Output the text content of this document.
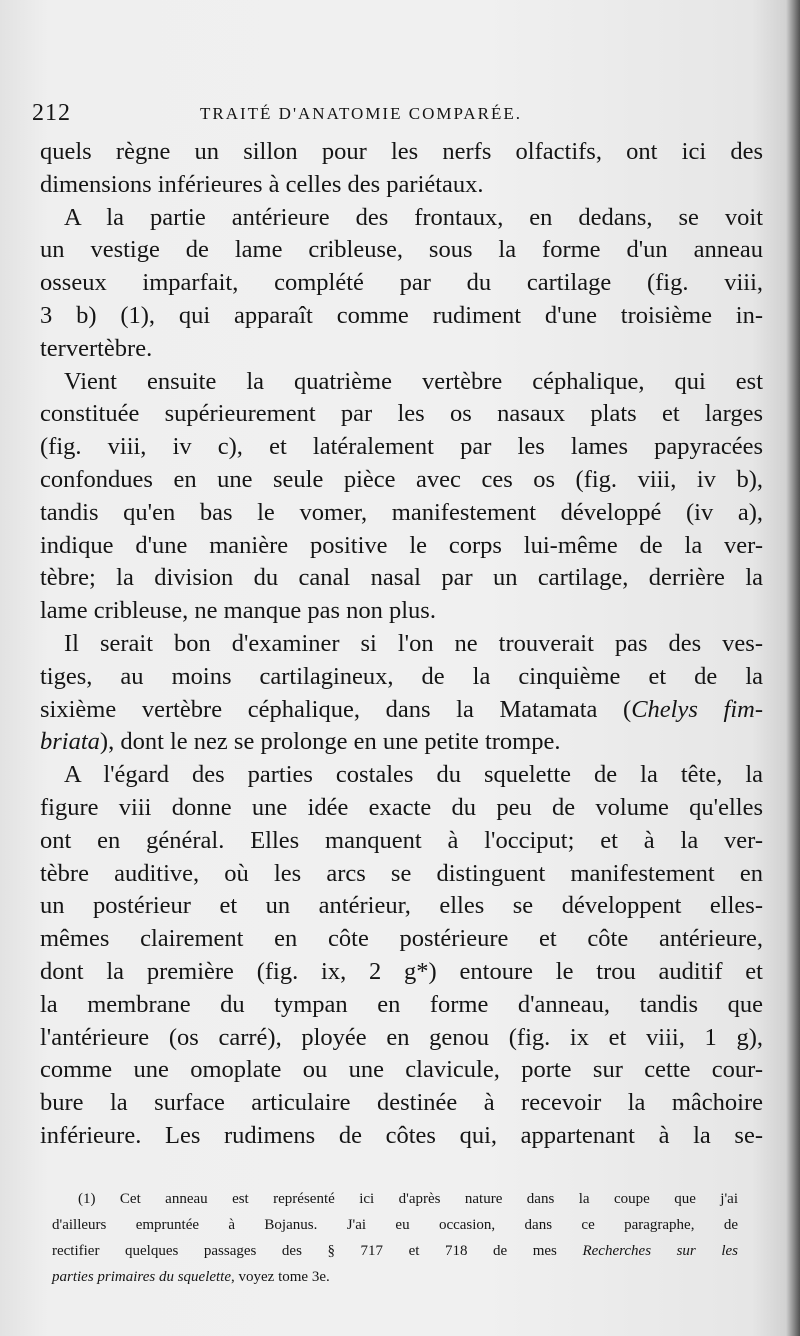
212	TRAITÉ D'ANATOMIE COMPARÉE.
quels règne un sillon pour les nerfs olfactifs, ont ici des
dimensions inférieures à celles des pariétaux.
A la partie antérieure des frontaux, en dedans, se voit
un vestige de lame cribleuse, sous la forme d'un anneau
osseux imparfait, complété par du cartilage (fig. viii,
3 b) (1), qui apparaît comme rudiment d'une troisième in-
tervertèbre.
Vient ensuite la quatrième vertèbre céphalique, qui est
constituée supérieurement par les os nasaux plats et larges
(fig. viii, iv c), et latéralement par les lames papyracées
confondues en une seule pièce avec ces os (fig. viii, iv b),
tandis qu'en bas le vomer, manifestement développé (iv a),
indique d'une manière positive le corps lui-même de la ver-
tèbre; la division du canal nasal par un cartilage, derrière la
lame cribleuse, ne manque pas non plus.
Il serait bon d'examiner si l'on ne trouverait pas des ves-
tiges, au moins cartilagineux, de la cinquième et de la
sixième vertèbre céphalique, dans la Matamata (Chelys fim-
briata), dont le nez se prolonge en une petite trompe.
A l'égard des parties costales du squelette de la tête, la
figure viii donne une idée exacte du peu de volume qu'elles
ont en général. Elles manquent à l'occiput; et à la ver-
tèbre auditive, où les arcs se distinguent manifestement en
un postérieur et un antérieur, elles se développent elles-
mêmes clairement en côte postérieure et côte antérieure,
dont la première (fig. ix, 2 g*) entoure le trou auditif et
la membrane du tympan en forme d'anneau, tandis que
l'antérieure (os carré), ployée en genou (fig. ix et viii, 1 g),
comme une omoplate ou une clavicule, porte sur cette cour-
bure la surface articulaire destinée à recevoir la mâchoire
inférieure. Les rudimens de côtes qui, appartenant à la se-
(1) Cet anneau est représenté ici d'après nature dans la coupe que j'ai
d'ailleurs empruntée à Bojanus. J'ai eu occasion, dans ce paragraphe, de
rectifier quelques passages des § 717 et 718 de mes Recherches sur les
parties primaires du squelette, voyez tome 3e.
